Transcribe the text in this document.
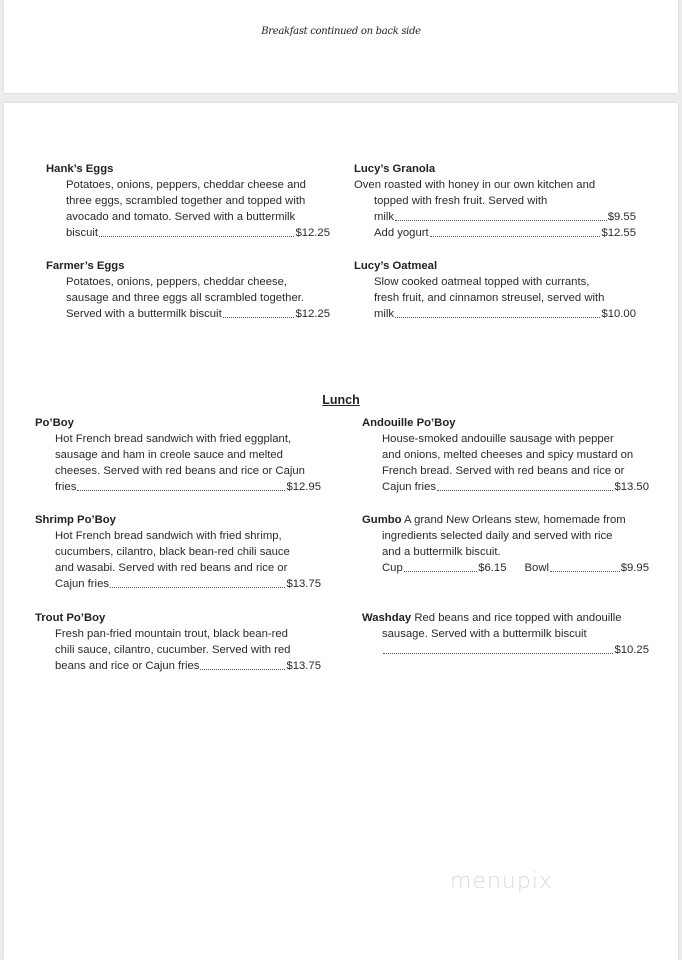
Breakfast continued on back side
Hank’s Eggs
Potatoes, onions, peppers, cheddar cheese and
three eggs, scrambled together and topped with
avocado and tomato. Served with a buttermilk
biscuit	$12.25
Farmer’s Eggs
Potatoes, onions, peppers, cheddar cheese,
sausage and three eggs all scrambled together.
Served with a buttermilk biscuit	$12.25
Lucy’s Granola
Oven roasted with honey in our own kitchen and
topped with fresh fruit. Served with
milk	$9.55
Add yogurt	$12.55
Lucy’s Oatmeal
Slow cooked oatmeal topped with currants,
fresh fruit, and cinnamon streusel, served with
milk	$10.00
Lunch
Po’Boy
Hot French bread sandwich with fried eggplant,
sausage and ham in creole sauce and melted
cheeses. Served with red beans and rice or Cajun
fries	$12.95
Shrimp Po’Boy
Hot French bread sandwich with fried shrimp,
cucumbers, cilantro, black bean-red chili sauce
and wasabi. Served with red beans and rice or
Cajun fries	$13.75
Trout Po’Boy
Fresh pan-fried mountain trout, black bean-red
chili sauce, cilantro, cucumber. Served with red
beans and rice or Cajun fries	$13.75
Andouille Po’Boy
House-smoked andouille sausage with pepper
and onions, melted cheeses and spicy mustard on
French bread. Served with red beans and rice or
Cajun fries	$13.50
Gumbo A grand New Orleans stew, homemade from
ingredients selected daily and served with rice
and a buttermilk biscuit.
Cup	$6.15 Bowl	$9.95
Washday Red beans and rice topped with andouille
sausage. Served with a buttermilk biscuit
$10.25
menupix
